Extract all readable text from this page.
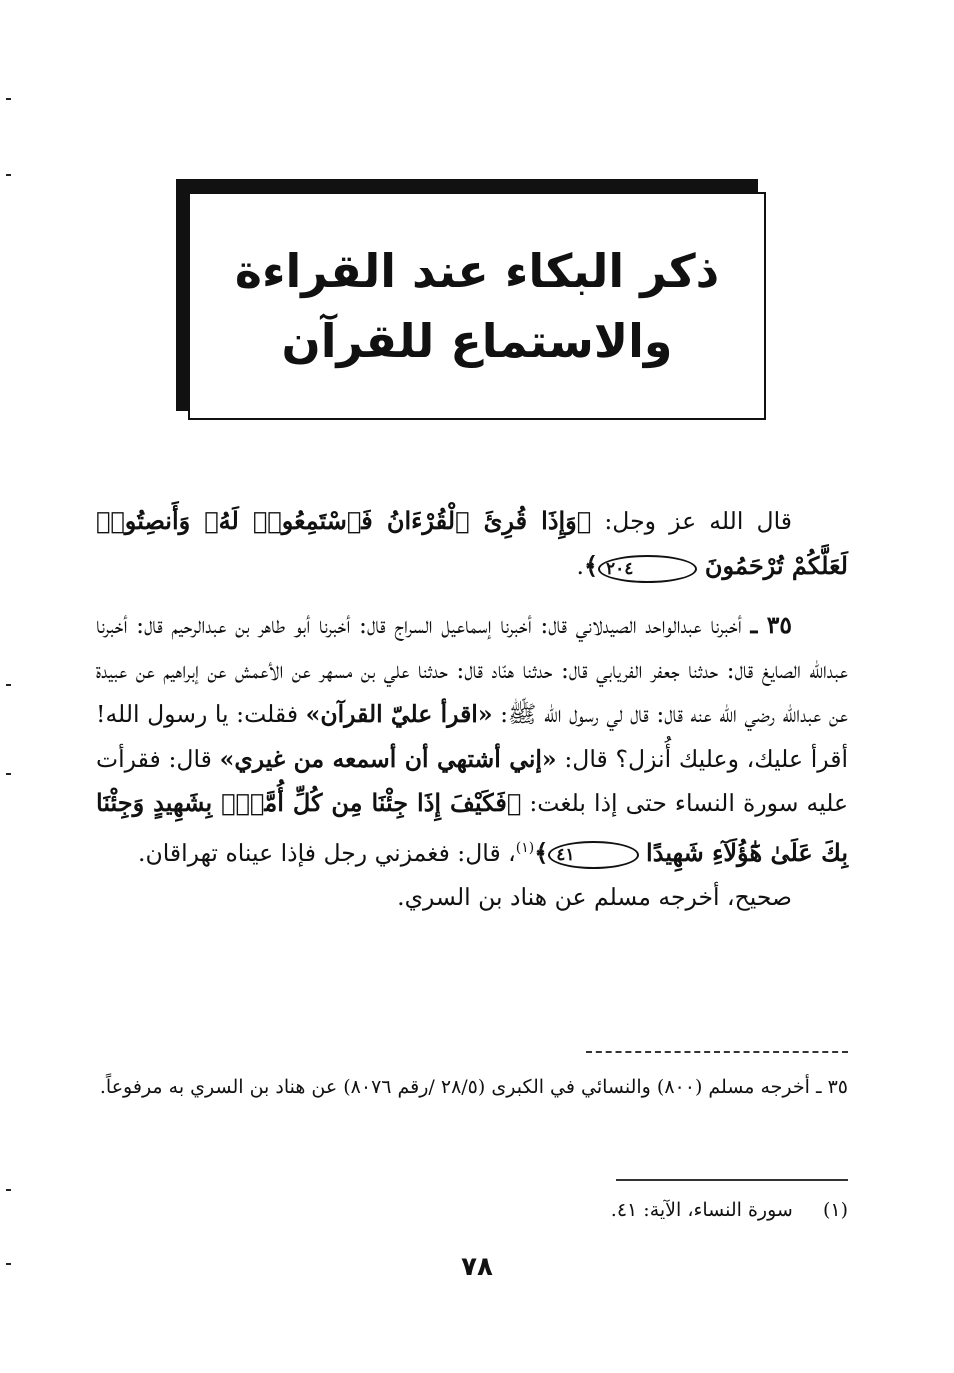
ذكر البكاء عند القراءة
والاستماع للقرآن

قال الله عز وجل: ﴿وَإِذَا قُرِئَ ٱلْقُرْءَانُ فَٱسْتَمِعُوا۟ لَهُۥ وَأَنصِتُوا۟ لَعَلَّكُمْ تُرْحَمُونَ ٢٠٤﴾.

٣٥ ـ أخبرنا عبدالواحد الصيدلاني قال: أخبرنا إسماعيل السراج قال: أخبرنا أبو طاهر بن عبدالرحيم قال: أخبرنا عبدالله الصايغ قال: حدثنا جعفر الفريابي قال: حدثنا هنّاد قال: حدثنا علي بن مسهر عن الأعمش عن إبراهيم عن عبيدة عن عبدالله رضي الله عنه قال: قال لي رسول الله ﷺ: «اقرأ عليّ القرآن» فقلت: يا رسول الله! أقرأ عليك، وعليك أُنزل؟ قال: «إني أشتهي أن أسمعه من غيري» قال: فقرأت عليه سورة النساء حتى إذا بلغت: ﴿فَكَيْفَ إِذَا جِئْنَا مِن كُلِّ أُمَّةٍۭ بِشَهِيدٍ وَجِئْنَا بِكَ عَلَىٰ هَٰٓؤُلَآءِ شَهِيدًا ٤١﴾$^{(١)}$، قال: فغمزني رجل فإذا عيناه تهراقان.

صحيح، أخرجه مسلم عن هناد بن السري.

٣٥ ـ أخرجه مسلم (٨٠٠) والنسائي في الكبرى (٢٨/٥ /رقم ٨٠٧٦) عن هناد بن السري به مرفوعاً.

(١)  سورة النساء، الآية: ٤١.

٧٨
